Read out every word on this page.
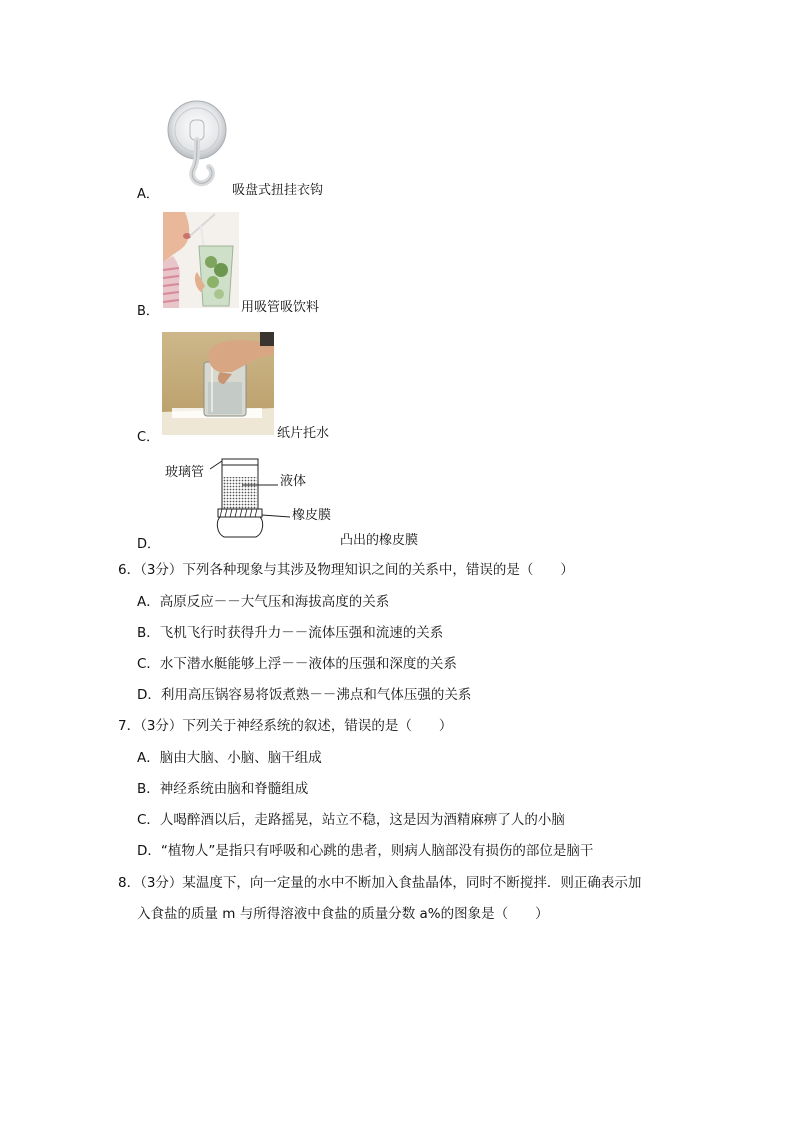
A．	吸盘式扭挂衣钩
B．	用吸管吸饮料
C．	纸片托水
玻璃管
液体
橡皮膜
D．	凸出的橡皮膜
6．（3分）下列各种现象与其涉及物理知识之间的关系中，错误的是（　　）
A．高原反应－－大气压和海拔高度的关系
B．飞机飞行时获得升力－－流体压强和流速的关系
C．水下潜水艇能够上浮－－液体的压强和深度的关系
D．利用高压锅容易将饭煮熟－－沸点和气体压强的关系
7．（3分）下列关于神经系统的叙述，错误的是（　　）
A．脑由大脑、小脑、脑干组成
B．神经系统由脑和脊髓组成
C．人喝醉酒以后，走路摇晃，站立不稳，这是因为酒精麻痹了人的小脑
D．“植物人”是指只有呼吸和心跳的患者，则病人脑部没有损伤的部位是脑干
8．（3分）某温度下，向一定量的水中不断加入食盐晶体，同时不断搅拌．则正确表示加
入食盐的质量 m 与所得溶液中食盐的质量分数 a%的图象是（　　）
